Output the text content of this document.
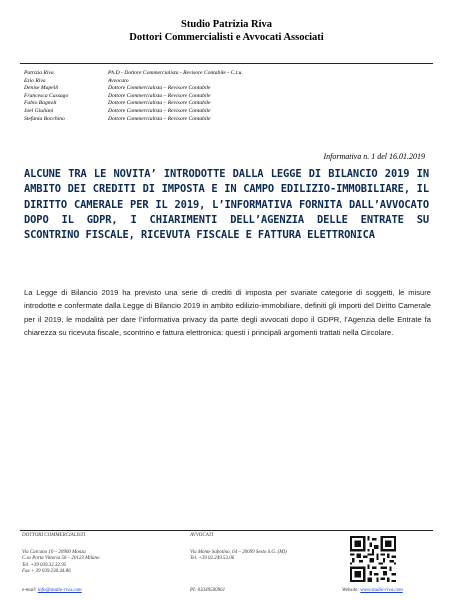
Studio Patrizia Riva
Dottori Commercialisti e Avvocati Associati
Patrizia Riva	Ph.D - Dottore Commercialista - Revisore Contabile - C.t.u.
Ezio Riva	Avvocato
Denise Mapelli	Dottore Commercialista – Revisore Contabile
Francesca Cassago	Dottore Commercialista – Revisore Contabile
Fabio Bagnoli	Dottore Commercialista – Revisore Contabile
Joel Giuliani	Dottore Commercialista – Revisore Contabile
Stefania Bocchino	Dottore Commercialista – Revisore Contabile
Informativa n. 1 del 16.01.2019
ALCUNE TRA LE NOVITA’ INTRODOTTE DALLA LEGGE DI BILANCIO 2019 IN AMBITO DEI CREDITI DI IMPOSTA E IN CAMPO EDILIZIO-IMMOBILIARE, IL DIRITTO CAMERALE PER IL 2019, L’INFORMATIVA FORNITA DALL’AVVOCATO DOPO IL GDPR, I CHIARIMENTI DELL’AGENZIA DELLE ENTRATE SU SCONTRINO FISCALE, RICEVUTA FISCALE E FATTURA ELETTRONICA
La Legge di Bilancio 2019 ha previsto una serie di crediti di imposta per svariate categorie di soggetti, le misure introdotte e confermate dalla Legge di Bilancio 2019 in ambito edilizio-immobiliare, definiti gli importi del Diritto Camerale per il 2019, le modalità per dare l’informativa privacy da parte degli avvocati dopo il GDPR, l’Agenzia delle Entrate fa chiarezza su ricevuta fiscale, scontrino e fattura elettronica: questi i principali argomenti trattati nella Circolare.
DOTTORI COMMERCIALISTI
Via Carcano 10 – 20900 Monza
C.so Porta Vittoria 56 – 20123 Milano
Tel. +39 039.32.32.95
Fax + 39 039.230.44.86
AVVOCATI
Via Monte Sabotino, 64 – 20099 Sesto S.G. (MI)
Tel. +39 02.249.53.06
e-mail: info@studio-riva.com	PI: 03349500961	Website: www.studio-riva.com
